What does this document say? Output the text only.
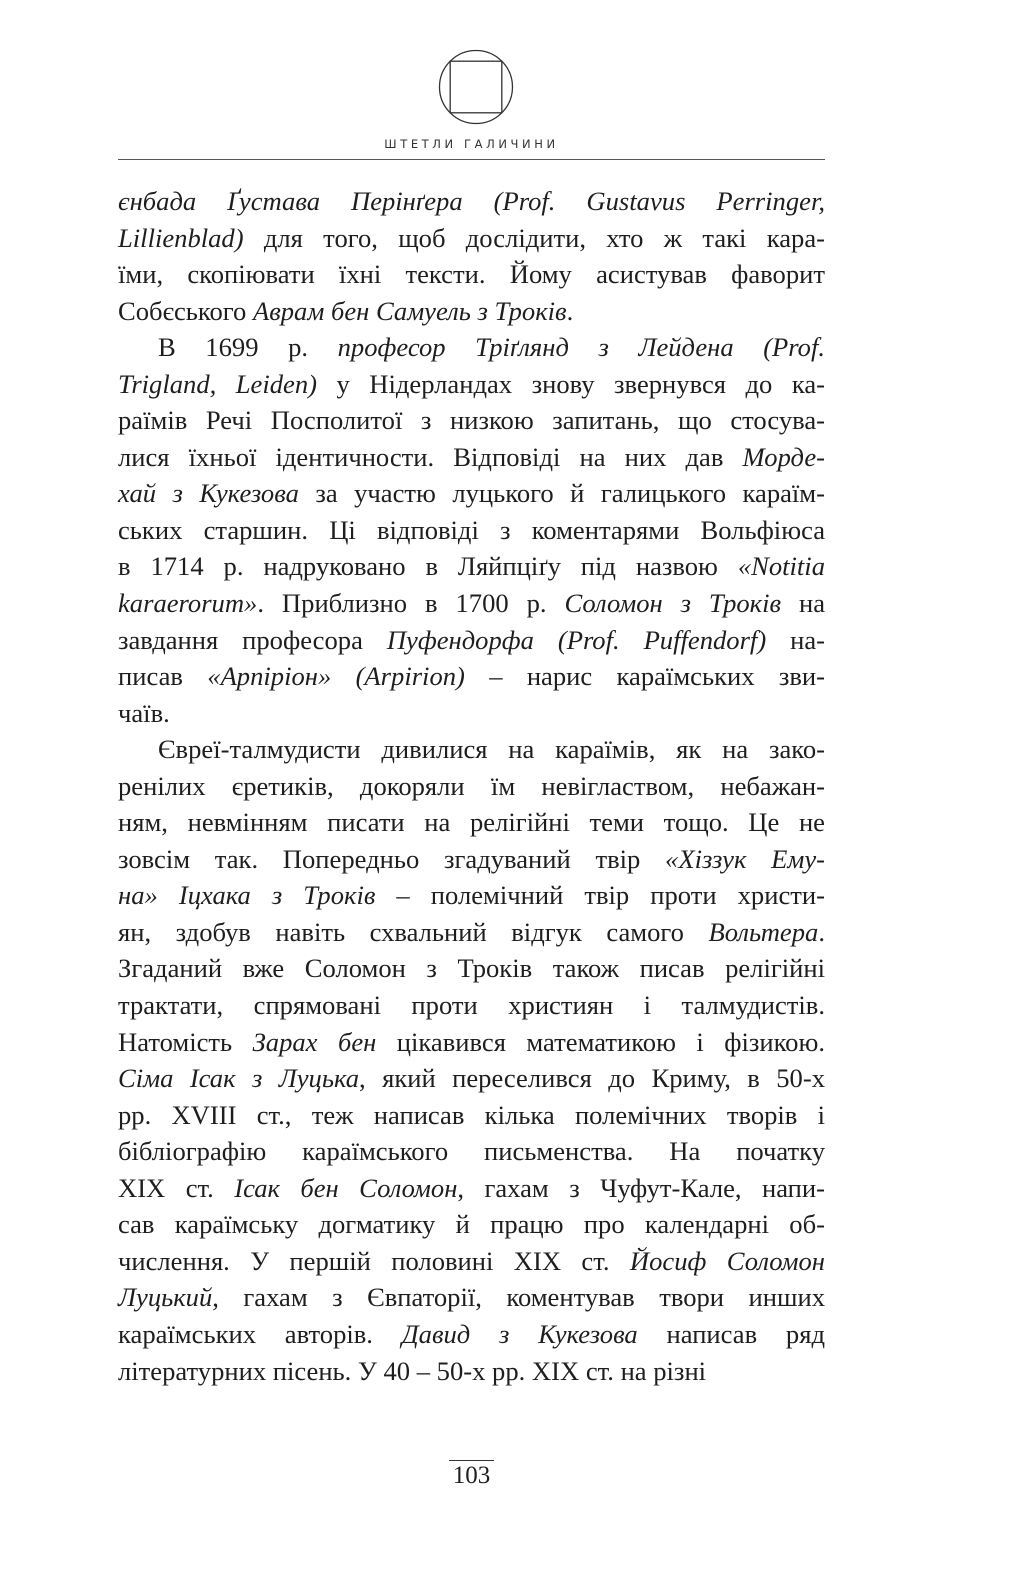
ШТЕТЛИ ГАЛИЧИНИ
єнбада Ґустава Перінґера (Prof. Gustavus Perringer,
Lillienblad) для того, щоб дослідити, хто ж такі кара-
їми, скопіювати їхні тексти. Йому асистував фаворит
Собєського Аврам бен Самуель з Троків.
В 1699 р. професор Тріґлянд з Лейдена (Prof.
Trigland, Leiden) у Нідерландах знову звернувся до ка-
раїмів Речі Посполитої з низкою запитань, що стосува-
лися їхньої ідентичности. Відповіді на них дав Морде-
хай з Кукезова за участю луцького й галицького караїм-
ських старшин. Ці відповіді з коментарями Вольфіюса
в 1714 р. надруковано в Ляйпціґу під назвою «Notitia
karaerorum». Приблизно в 1700 р. Соломон з Троків на
завдання професора Пуфендорфа (Prof. Puffendorf) на-
писав «Арпіріон» (Arpirion) – нарис караїмських зви-
чаїв.
Євреї-талмудисти дивилися на караїмів, як на зако-
ренілих єретиків, докоряли їм невіглаством, небажан-
ням, невмінням писати на релігійні теми тощо. Це не
зовсім так. Попередньо згадуваний твір «Хіззук Ему-
на» Іцхака з Троків – полемічний твір проти христи-
ян, здобув навіть схвальний відгук самого Вольтера.
Згаданий вже Соломон з Троків також писав релігійні
трактати, спрямовані проти християн і талмудистів.
Натомість Зарах бен цікавився математикою і фізикою.
Сіма Ісак з Луцька, який переселився до Криму, в 50-х
рр. XVIII ст., теж написав кілька полемічних творів і
бібліографію караїмського письменства. На початку
XIX ст. Ісак бен Соломон, гахам з Чуфут-Кале, напи-
сав караїмську догматику й працю про календарні об-
числення. У першій половині XIX ст. Йосиф Соломон
Луцький, гахам з Євпаторії, коментував твори инших
караїмських авторів. Давид з Кукезова написав ряд
літературних пісень. У 40 – 50-х рр. XIX ст. на різні
103
